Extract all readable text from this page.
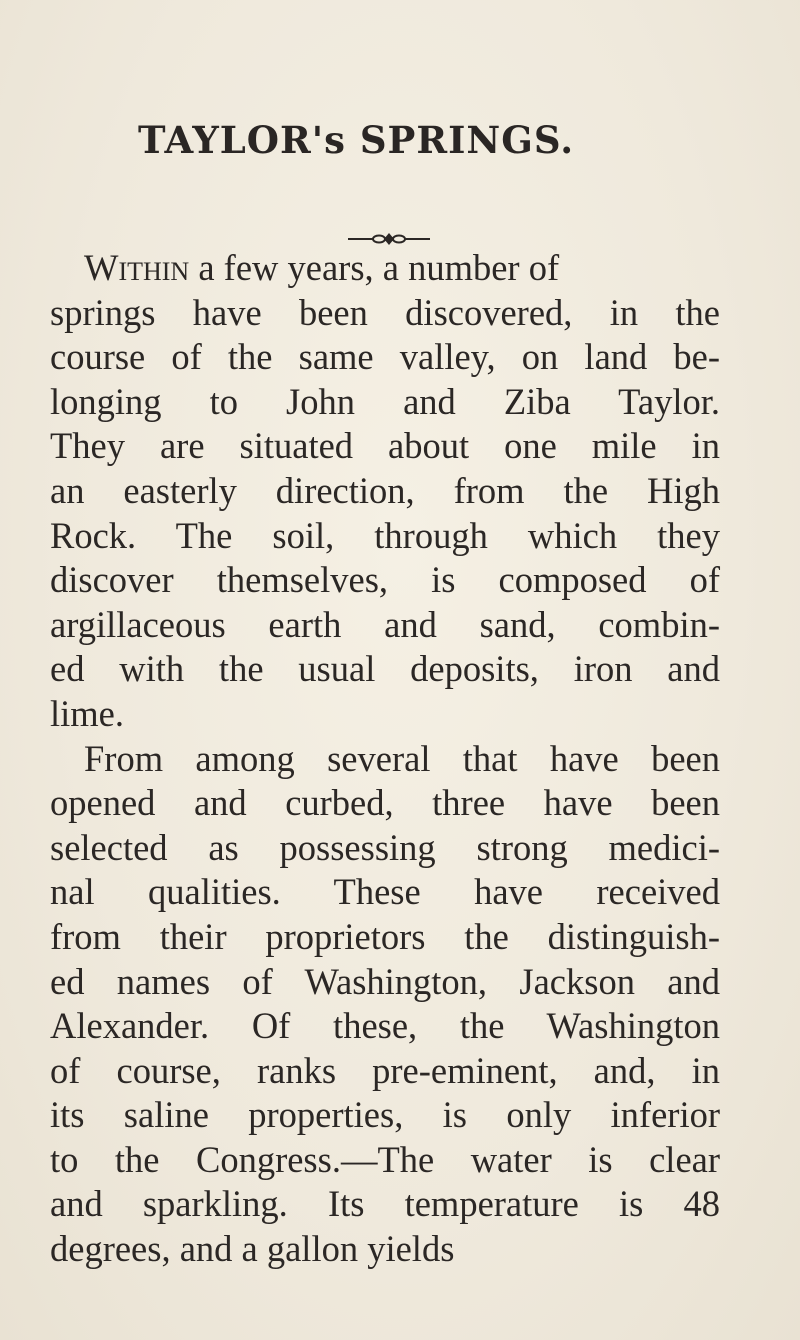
TAYLOR's SPRINGS.
Within a few years, a number of
springs have been discovered, in the
course of the same valley, on land be-
longing to John and Ziba Taylor.
They are situated about one mile in
an easterly direction, from the High
Rock. The soil, through which they
discover themselves, is composed of
argillaceous earth and sand, combin-
ed with the usual deposits, iron and
lime.
From among several that have been
opened and curbed, three have been
selected as possessing strong medici-
nal qualities. These have received
from their proprietors the distinguish-
ed names of Washington, Jackson and
Alexander. Of these, the Washington
of course, ranks pre-eminent, and, in
its saline properties, is only inferior
to the Congress.—The water is clear
and sparkling. Its temperature is 48
degrees, and a gallon yields
